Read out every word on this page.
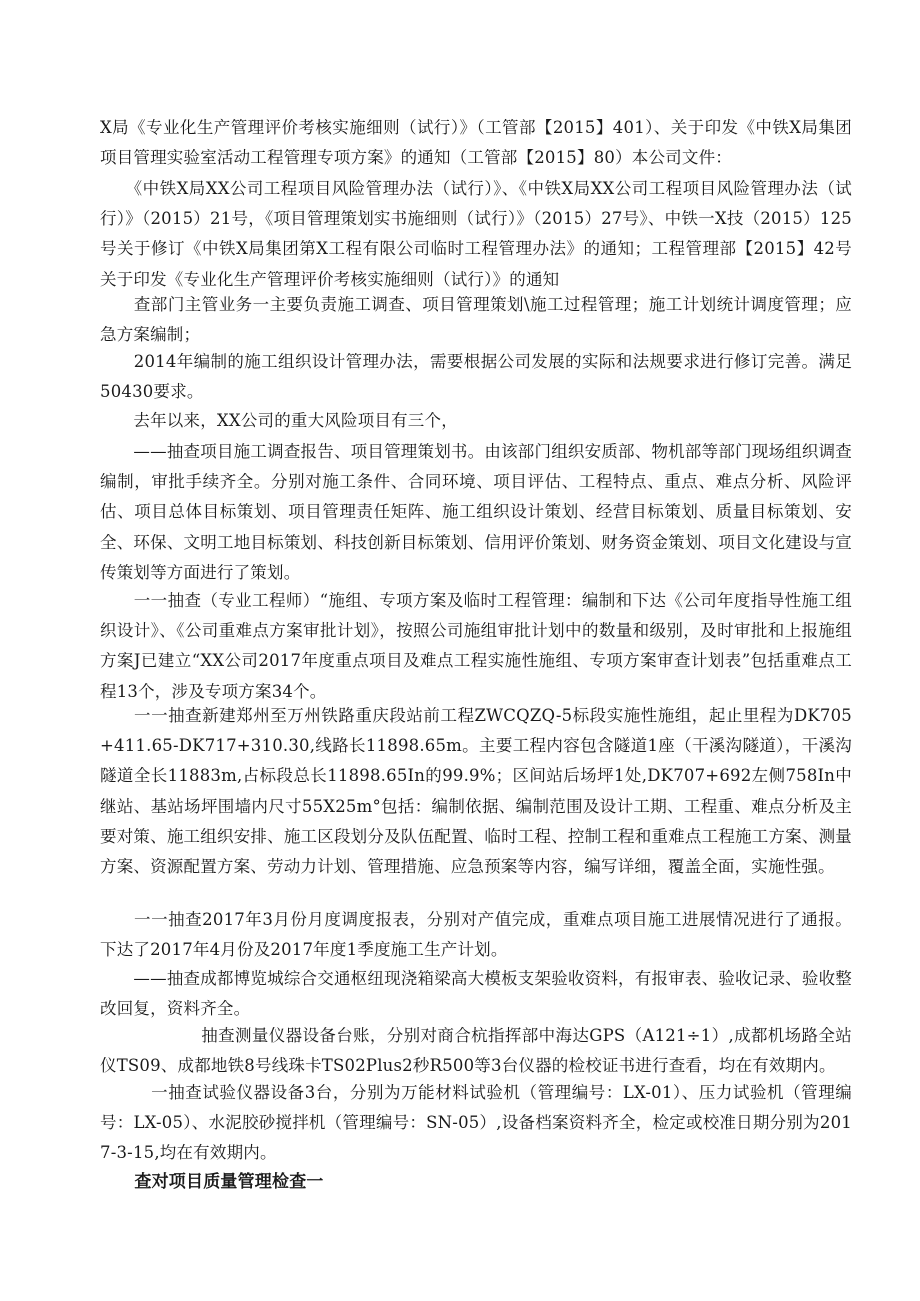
X局《专业化生产管理评价考核实施细则（试行）》（工管部【2015】401）、关于印发《中铁X局集团项目管理实验室活动工程管理专项方案》的通知（工管部【2015】80）本公司文件：

　　《中铁X局XX公司工程项目风险管理办法（试行）》、《中铁X局XX公司工程项目风险管理办法（试行）》（2015）21号，《项目管理策划实书施细则（试行）》（2015）27号》、中铁一X技（2015）125号关于修订《中铁X局集团第X工程有限公司临时工程管理办法》的通知；工程管理部【2015】42号关于印发《专业化生产管理评价考核实施细则（试行）》的通知

　　查部门主管业务一主要负责施工调查、项目管理策划\施工过程管理；施工计划统计调度管理；应急方案编制；

　　2014年编制的施工组织设计管理办法，需要根据公司发展的实际和法规要求进行修订完善。满足50430要求。

　　去年以来，XX公司的重大风险项目有三个，

　　——抽查项目施工调查报告、项目管理策划书。由该部门组织安质部、物机部等部门现场组织调查编制，审批手续齐全。分别对施工条件、合同环境、项目评估、工程特点、重点、难点分析、风险评估、项目总体目标策划、项目管理责任矩阵、施工组织设计策划、经营目标策划、质量目标策划、安全、环保、文明工地目标策划、科技创新目标策划、信用评价策划、财务资金策划、项目文化建设与宣传策划等方面进行了策划。

　　一一抽查（专业工程师）“施组、专项方案及临时工程管理：编制和下达《公司年度指导性施工组织设计》、《公司重难点方案审批计划》，按照公司施组审批计划中的数量和级别，及时审批和上报施组方案J已建立“XX公司2017年度重点项目及难点工程实施性施组、专项方案审查计划表”包括重难点工程13个，涉及专项方案34个。

　　一一抽查新建郑州至万州铁路重庆段站前工程ZWCQZQ-5标段实施性施组，起止里程为DK705+411.65-DK717+310.30,线路长11898.65m。主要工程内容包含隧道1座（干溪沟隧道），干溪沟隧道全长11883m,占标段总长11898.65In的99.9%；区间站后场坪1处,DK707+692左侧758In中继站、基站场坪围墙内尺寸55X25m°包括：编制依据、编制范围及设计工期、工程重、难点分析及主要对策、施工组织安排、施工区段划分及队伍配置、临时工程、控制工程和重难点工程施工方案、测量方案、资源配置方案、劳动力计划、管理措施、应急预案等内容，编写详细，覆盖全面，实施性强。

　　一一抽查2017年3月份月度调度报表，分别对产值完成，重难点项目施工进展情况进行了通报。下达了2017年4月份及2017年度1季度施工生产计划。

　　——抽查成都博览城综合交通枢纽现浇箱梁高大模板支架验收资料，有报审表、验收记录、验收整改回复，资料齐全。

　　　　　　抽查测量仪器设备台账，分别对商合杭指挥部中海达GPS（A121÷1）,成都机场路全站仪TS09、成都地铁8号线珠卡TS02Plus2秒R500等3台仪器的检校证书进行查看，均在有效期内。

　　　一抽查试验仪器设备3台，分别为万能材料试验机（管理编号：LX-01）、压力试验机（管理编号：LX-05）、水泥胶砂搅拌机（管理编号：SN-05）,设备档案资料齐全，检定或校准日期分别为2017-3-15,均在有效期内。

　　查对项目质量管理检查一
